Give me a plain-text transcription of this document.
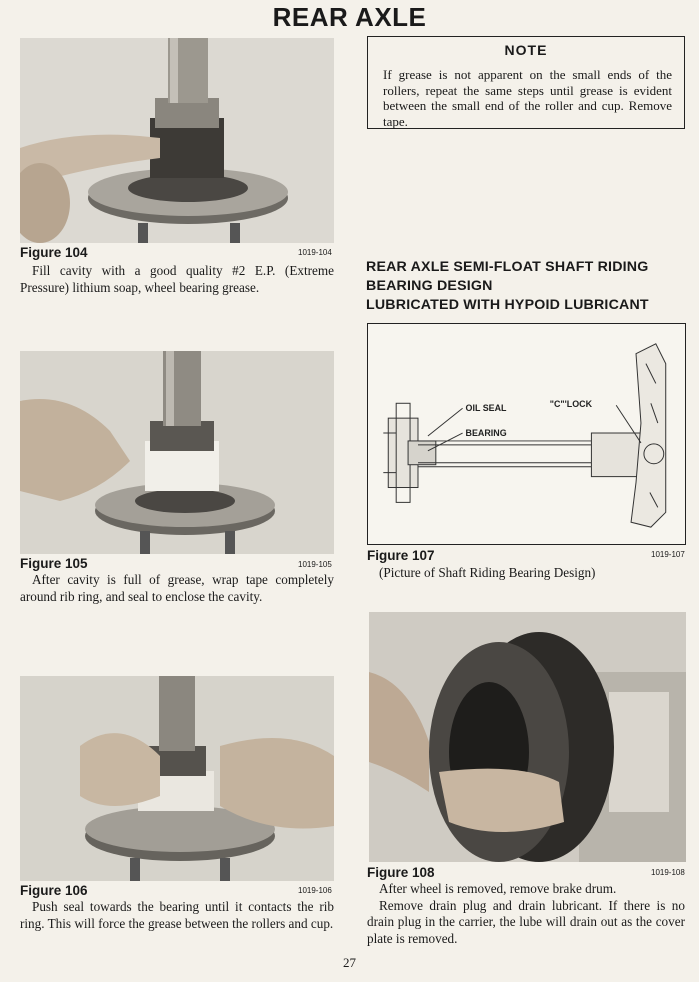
REAR AXLE
Figure 104	1019-104

Fill cavity with a good quality #2 E.P. (Extreme Pressure) lithium soap, wheel bearing grease.

Figure 105	1019-105

After cavity is full of grease, wrap tape completely around rib ring, and seal to enclose the cavity.

Figure 106	1019-106

Push seal towards the bearing until it contacts the rib ring. This will force the grease between the rollers and cup.

NOTE
If grease is not apparent on the small ends of the rollers, repeat the same steps until grease is evident between the small end of the roller and cup. Remove tape.
REAR AXLE SEMI-FLOAT SHAFT RIDING
BEARING DESIGN
LUBRICATED WITH HYPOID LUBRICANT
OIL SEAL
BEARING
"C"'LOCK
Figure 107	1019-107

(Picture of Shaft Riding Bearing Design)

Figure 108	1019-108

After wheel is removed, remove brake drum.

Remove drain plug and drain lubricant. If there is no drain plug in the carrier, the lube will drain out as the cover plate is removed.

27
